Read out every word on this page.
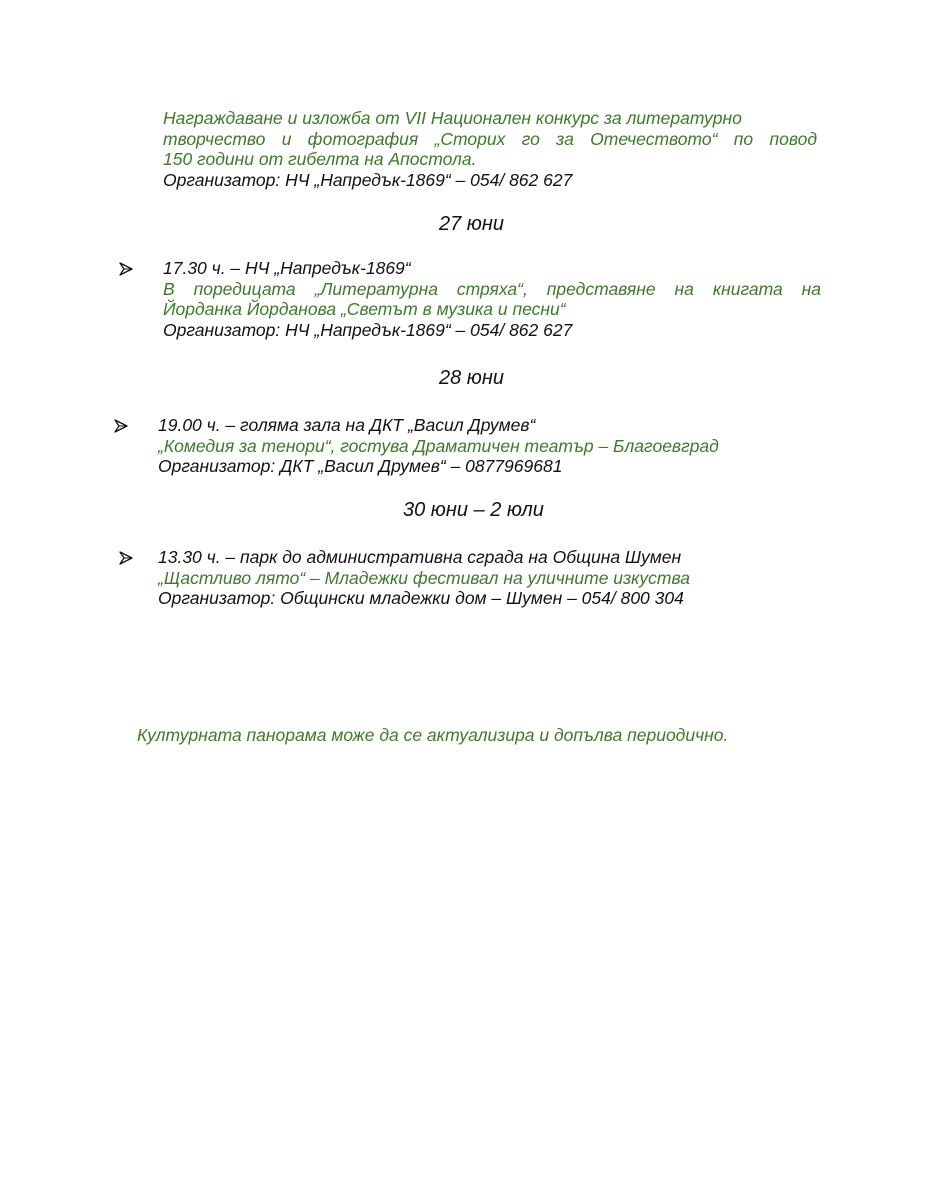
Награждаване и изложба от VII Национален конкурс за литературно
творчество и фотография „Сторих го за Отечеството“ по повод
150 години от гибелта на Апостола.
Организатор: НЧ „Напредък-1869“ – 054/ 862 627
27 юни
17.30 ч. – НЧ „Напредък-1869“
В поредицата „Литературна стряха“, представяне на книгата на
Йорданка Йорданова „Светът в музика и песни“
Организатор: НЧ „Напредък-1869“ – 054/ 862 627
28 юни
19.00 ч. – голяма зала на ДКТ „Васил Друмев“
„Комедия за тенори“, гостува Драматичен театър – Благоевград
Организатор: ДКТ „Васил Друмев“ – 0877969681
30 юни – 2 юли
13.30 ч. – парк до административна сграда на Община Шумен
„Щастливо лято“ – Младежки фестивал на уличните изкуства
Организатор: Общински младежки дом – Шумен – 054/ 800 304
Културната панорама може да се актуализира и допълва периодично.
